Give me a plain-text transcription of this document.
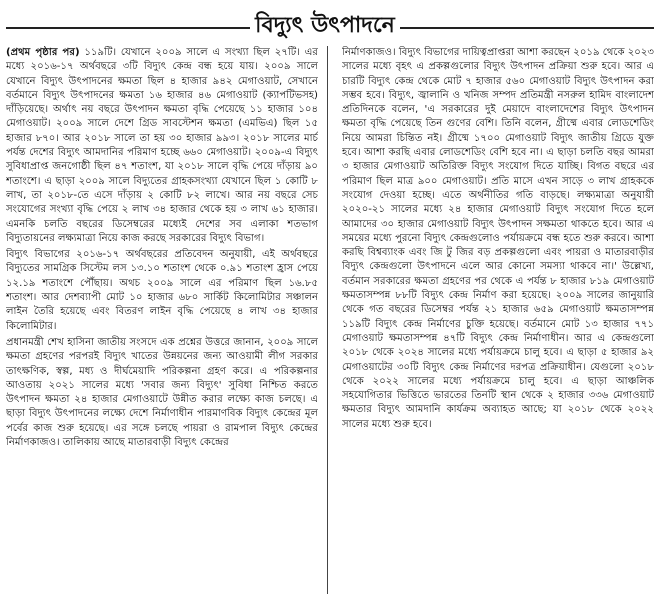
বিদ্যুৎ উৎপাদনে

(প্রথম পৃষ্ঠার পর) ১১৯টি। যেখানে ২০০৯ সালে এ সংখ্যা ছিল ২৭টি। এর মধ্যে ২০১৬-১৭ অর্থবছরে ৩টি বিদ্যুৎ কেন্দ্র বন্ধ হয়ে যায়। ২০০৯ সালে যেখানে বিদ্যুৎ উৎপাদনের ক্ষমতা ছিল ৪ হাজার ৯৪২ মেগাওয়াট, সেখানে বর্তমানে বিদ্যুৎ উৎপাদনের ক্ষমতা ১৬ হাজার ৪৬ মেগাওয়াট (ক্যাপটিভসহ) দাঁড়িয়েছে। অর্থাৎ নয় বছরে উৎপাদন ক্ষমতা বৃদ্ধি পেয়েছে ১১ হাজার ১০৪ মেগাওয়াট। ২০০৯ সালে দেশে গ্রিড সাবস্টেশন ক্ষমতা (এমভিএ) ছিল ১৫ হাজার ৮৭০। আর ২০১৮ সালে তা হয় ৩০ হাজার ৯৯৩। ২০১৮ সালের মার্চ পর্যন্ত দেশের বিদ্যুৎ আমদানির পরিমাণ হচ্ছে ৬৬০ মেগাওয়াট। ২০০৯-এ বিদ্যুৎ সুবিধাপ্রাপ্ত জনগোষ্ঠী ছিল ৪৭ শতাংশ, যা ২০১৮ সালে বৃদ্ধি পেয়ে দাঁড়ায় ৯০ শতাংশে। এ ছাড়া ২০০৯ সালে বিদ্যুতের গ্রাহকসংখ্যা যেখানে ছিল ১ কোটি ৮ লাখ, তা ২০১৮-তে এসে দাঁড়ায় ২ কোটি ৮২ লাখে। আর নয় বছরে সেচ সংযোগের সংখ্যা বৃদ্ধি পেয়ে ২ লাখ ৩৪ হাজার থেকে হয় ৩ লাখ ৬১ হাজার। এমনকি চলতি বছরের ডিসেম্বরের মধ্যেই দেশের সব এলাকা শতভাগ বিদ্যুতায়নের লক্ষ্যমাত্রা নিয়ে কাজ করছে সরকারের বিদ্যুৎ বিভাগ।

বিদ্যুৎ বিভাগের ২০১৬-১৭ অর্থবছরের প্রতিবেদন অনুযায়ী, এই অর্থবছরে বিদ্যুতের সামগ্রিক সিস্টেম লস ১৩.১০ শতাংশ থেকে ০.৯১ শতাংশ হ্রাস পেয়ে ১২.১৯ শতাংশে পৌঁছায়। অথচ ২০০৯ সালে এর পরিমাণ ছিল ১৬.৮৫ শতাংশ। আর দেশব্যাপী মোট ১০ হাজার ৬৮০ সার্কিট কিলোমিটার সঞ্চালন লাইন তৈরি হয়েছে এবং বিতরণ লাইন বৃদ্ধি পেয়েছে ৪ লাখ ৩৪ হাজার কিলোমিটার।

প্রধানমন্ত্রী শেখ হাসিনা জাতীয় সংসদে এক প্রশ্নের উত্তরে জানান, ২০০৯ সালে ক্ষমতা গ্রহণের পরপরই বিদ্যুৎ খাতের উন্নয়নের জন্য আওয়ামী লীগ সরকার তাৎক্ষণিক, স্বল্প, মধ্য ও দীর্ঘমেয়াদি পরিকল্পনা গ্রহণ করে। এ পরিকল্পনার আওতায় ২০২১ সালের মধ্যে 'সবার জন্য বিদ্যুৎ' সুবিধা নিশ্চিত করতে উৎপাদন ক্ষমতা ২৪ হাজার মেগাওয়াটে উন্নীত করার লক্ষ্যে কাজ চলছে। এ ছাড়া বিদ্যুৎ উৎপাদনের লক্ষ্যে দেশে নির্মাণাধীন পারমাণবিক বিদ্যুৎ কেন্দ্রের মূল পর্বের কাজ শুরু হয়েছে। এর সঙ্গে চলছে পায়রা ও রামপাল বিদ্যুৎ কেন্দ্রের নির্মাণকাজও। তালিকায় আছে মাতারবাড়ী বিদ্যুৎ কেন্দ্রের

নির্মাণকাজও। বিদ্যুৎ বিভাগের দায়িত্বপ্রাপ্তরা আশা করছেন ২০১৯ থেকে ২০২৩ সালের মধ্যে বৃহৎ এ প্রকল্পগুলোর বিদ্যুৎ উৎপাদন প্রক্রিয়া শুরু হবে। আর এ চারটি বিদ্যুৎ কেন্দ্র থেকে মোট ৭ হাজার ৫৬০ মেগাওয়াট বিদ্যুৎ উৎপাদন করা সম্ভব হবে। বিদ্যুৎ, জ্বালানি ও খনিজ সম্পদ প্রতিমন্ত্রী নসরুল হামিদ বাংলাদেশ প্রতিদিনকে বলেন, 'এ সরকারের দুই মেয়াদে বাংলাদেশের বিদ্যুৎ উৎপাদন ক্ষমতা বৃদ্ধি পেয়েছে তিন গুণের বেশি। তিনি বলেন, গ্রীষ্মে এবার লোডশেডিং নিয়ে আমরা চিন্তিত নই। গ্রীষ্মে ১৭০০ মেগাওয়াট বিদ্যুৎ জাতীয় গ্রিডে যুক্ত হবে। আশা করছি এবার লোডশেডিং বেশি হবে না। এ ছাড়া চলতি বছর আমরা ৩ হাজার মেগাওয়াট অতিরিক্ত বিদ্যুৎ সংযোগ দিতে যাচ্ছি। বিগত বছরে এর পরিমাণ ছিল মাত্র ৯০০ মেগাওয়াট। প্রতি মাসে এখন সাড়ে ৩ লাখ গ্রাহককে সংযোগ দেওয়া হচ্ছে। এতে অর্থনীতির গতি বাড়ছে। লক্ষ্যমাত্রা অনুযায়ী ২০২০-২১ সালের মধ্যে ২৪ হাজার মেগাওয়াট বিদ্যুৎ সংযোগ দিতে হলে আমাদের ৩০ হাজার মেগাওয়াট বিদ্যুৎ উৎপাদন সক্ষমতা থাকতে হবে। আর এ সময়ের মধ্যে পুরনো বিদ্যুৎ কেন্দ্রগুলোও পর্যায়ক্রমে বন্ধ হতে শুরু করবে। আশা করছি বিশ্বব্যাংক এবং জি টু জির বড় প্রকল্পগুলো এবং পায়রা ও মাতারবাড়ীর বিদ্যুৎ কেন্দ্রগুলো উৎপাদনে এলে আর কোনো সমস্যা থাকবে না।' উল্লেখ্য, বর্তমান সরকারের ক্ষমতা গ্রহণের পর থেকে এ পর্যন্ত ৮ হাজার ৮১৯ মেগাওয়াট ক্ষমতাসম্পন্ন ৮৮টি বিদ্যুৎ কেন্দ্র নির্মাণ করা হয়েছে। ২০০৯ সালের জানুয়ারি থেকে গত বছরের ডিসেম্বর পর্যন্ত ২১ হাজার ৬৫৯ মেগাওয়াট ক্ষমতাসম্পন্ন ১১৯টি বিদ্যুৎ কেন্দ্র নির্মাণের চুক্তি হয়েছে। বর্তমানে মোট ১৩ হাজার ৭৭১ মেগাওয়াট ক্ষমতাসম্পন্ন ৪৭টি বিদ্যুৎ কেন্দ্র নির্মাণাধীন। আর এ কেন্দ্রগুলো ২০১৮ থেকে ২০২৪ সালের মধ্যে পর্যায়ক্রমে চালু হবে। এ ছাড়া ৫ হাজার ৯২ মেগাওয়াটের ৩০টি বিদ্যুৎ কেন্দ্র নির্মাণের দরপত্র প্রক্রিয়াধীন। যেগুলো ২০১৮ থেকে ২০২২ সালের মধ্যে পর্যায়ক্রমে চালু হবে। এ ছাড়া আঞ্চলিক সহযোগিতার ভিত্তিতে ভারতের তিনটি স্থান থেকে ২ হাজার ৩৩৬ মেগাওয়াট ক্ষমতার বিদ্যুৎ আমদানি কার্যক্রম অব্যাহত আছে; যা ২০১৮ থেকে ২০২২ সালের মধ্যে শুরু হবে।
